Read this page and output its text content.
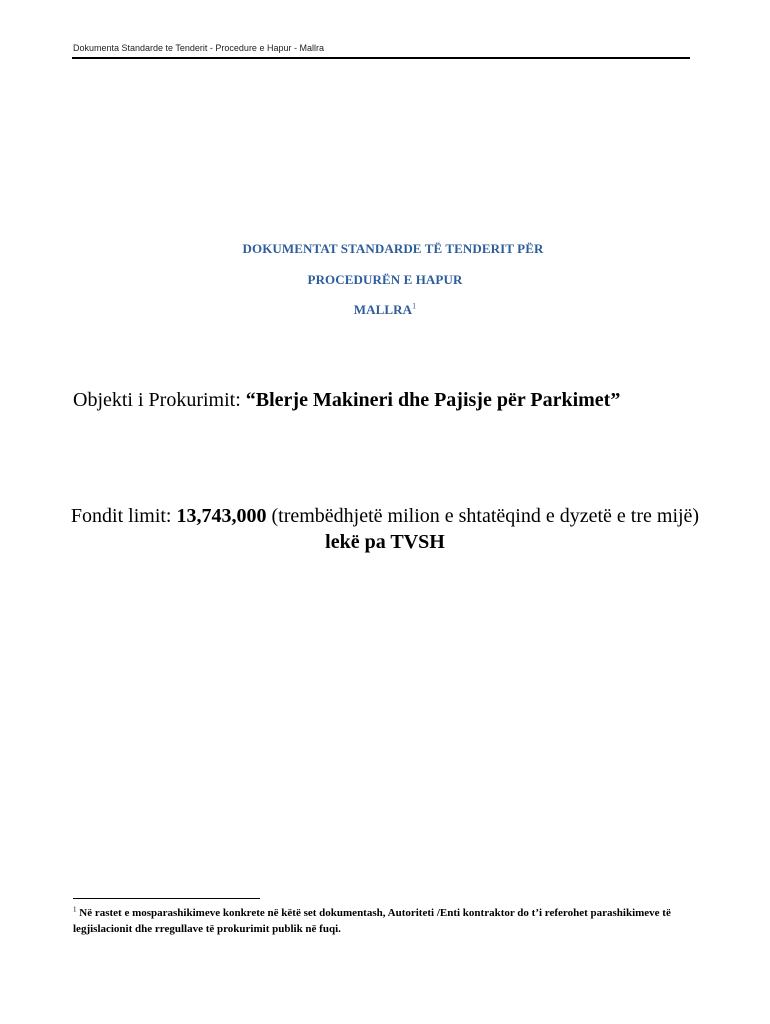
Dokumenta Standarde te Tenderit - Procedure e Hapur - Mallra
DOKUMENTAT STANDARDE TË TENDERIT PËR
PROCEDURËN E HAPUR
MALLRA$^1$
Objekti i Prokurimit: “Blerje Makineri dhe Pajisje për Parkimet”
Fondit limit: 13,743,000 (trembëdhjetë milion e shtatëqind e dyzetë e tre mijë) lekë pa TVSH
$^1$ Në rastet e mosparashikimeve konkrete në këtë set dokumentash, Autoriteti /Enti kontraktor do t’i referohet parashikimeve të legjislacionit dhe rregullave të prokurimit publik në fuqi.
